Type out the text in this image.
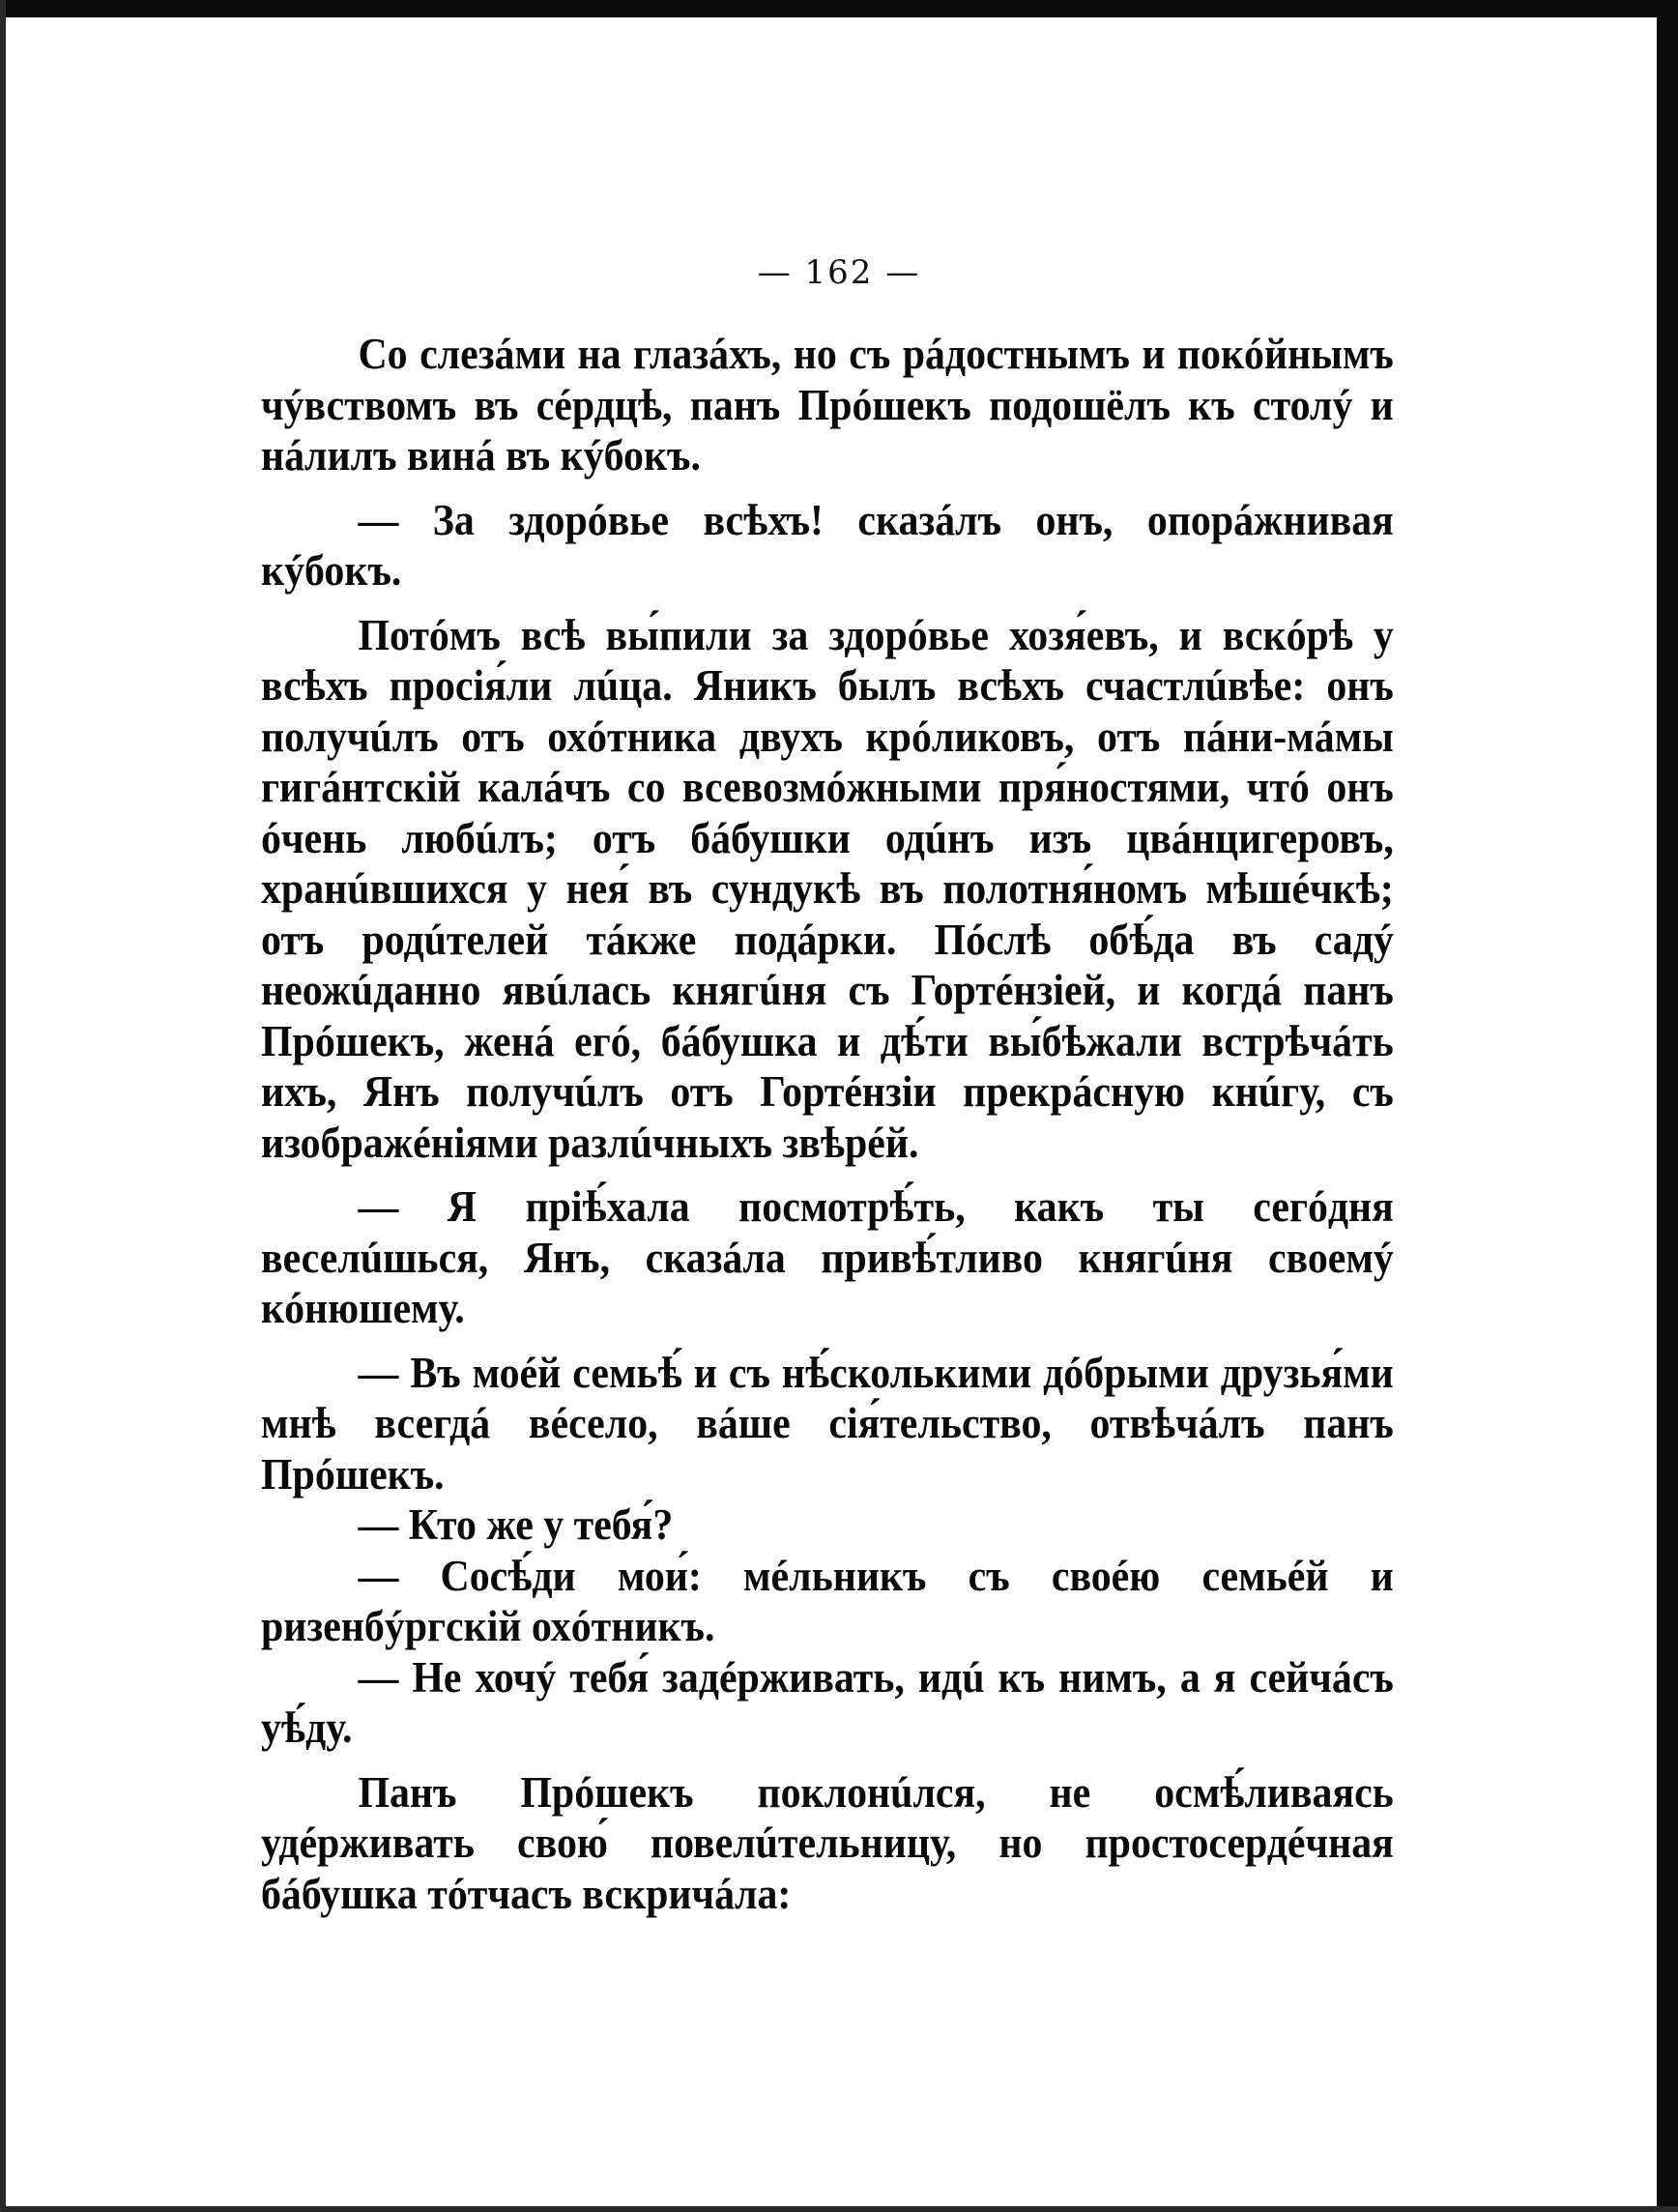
— 162 —

Со слезáми на глазáхъ, но съ рáдостнымъ и покóйнымъ чýвствомъ въ сéрдцѣ, панъ Прóшекъ подошёлъ къ столý и нáлилъ винá въ кýбокъ.

— За здорóвье всѣхъ! сказáлъ онъ, опорáжнивая кýбокъ.

Потóмъ всѣ вы́пили за здорóвье хозя́евъ, и вскóрѣ у всѣхъ просія́ли лúца. Яникъ былъ всѣхъ счастлúвѣе: онъ получúлъ отъ охóтника двухъ крóликовъ, отъ пáни-мáмы гигáнтскій калáчъ со всевозмóжными пря́ностями, чтó онъ óчень любúлъ; отъ бáбушки одúнъ изъ цвáнцигеровъ, хранúвшихся у нея́ въ сундукѣ въ полотня́номъ мѣшéчкѣ; отъ родúтелей тáкже подáрки. Пóслѣ обѣ́да въ садý неожúданно явúлась княгúня съ Гортéнзіей, и когдá панъ Прóшекъ, женá егó, бáбушка и дѣ́ти вы́бѣжали встрѣчáть ихъ, Янъ получúлъ отъ Гортéнзіи прекрáсную кнúгу, съ изображéніями разлúчныхъ звѣрéй.

— Я пріѣ́хала посмотрѣ́ть, какъ ты сегóдня веселúшься, Янъ, сказáла привѣ́тливо княгúня своемý кóнюшему.

— Въ моéй семьѣ́ и съ нѣ́сколькими дóбрыми друзья́ми мнѣ всегдá вéсело, вáше сія́тельство, отвѣчáлъ панъ Прóшекъ.

— Кто же у тебя́?

— Сосѣ́ди мои́: мéльникъ съ своéю семьéй и ризенбýргскій охóтникъ.

— Не хочý тебя́ задéрживать, идú къ нимъ, а я сейчáсъ уѣ́ду.

Панъ Прóшекъ поклонúлся, не осмѣ́ливаясь удéрживать свою́ повелúтельницу, но простосердéчная бáбушка тóтчасъ вскричáла:
